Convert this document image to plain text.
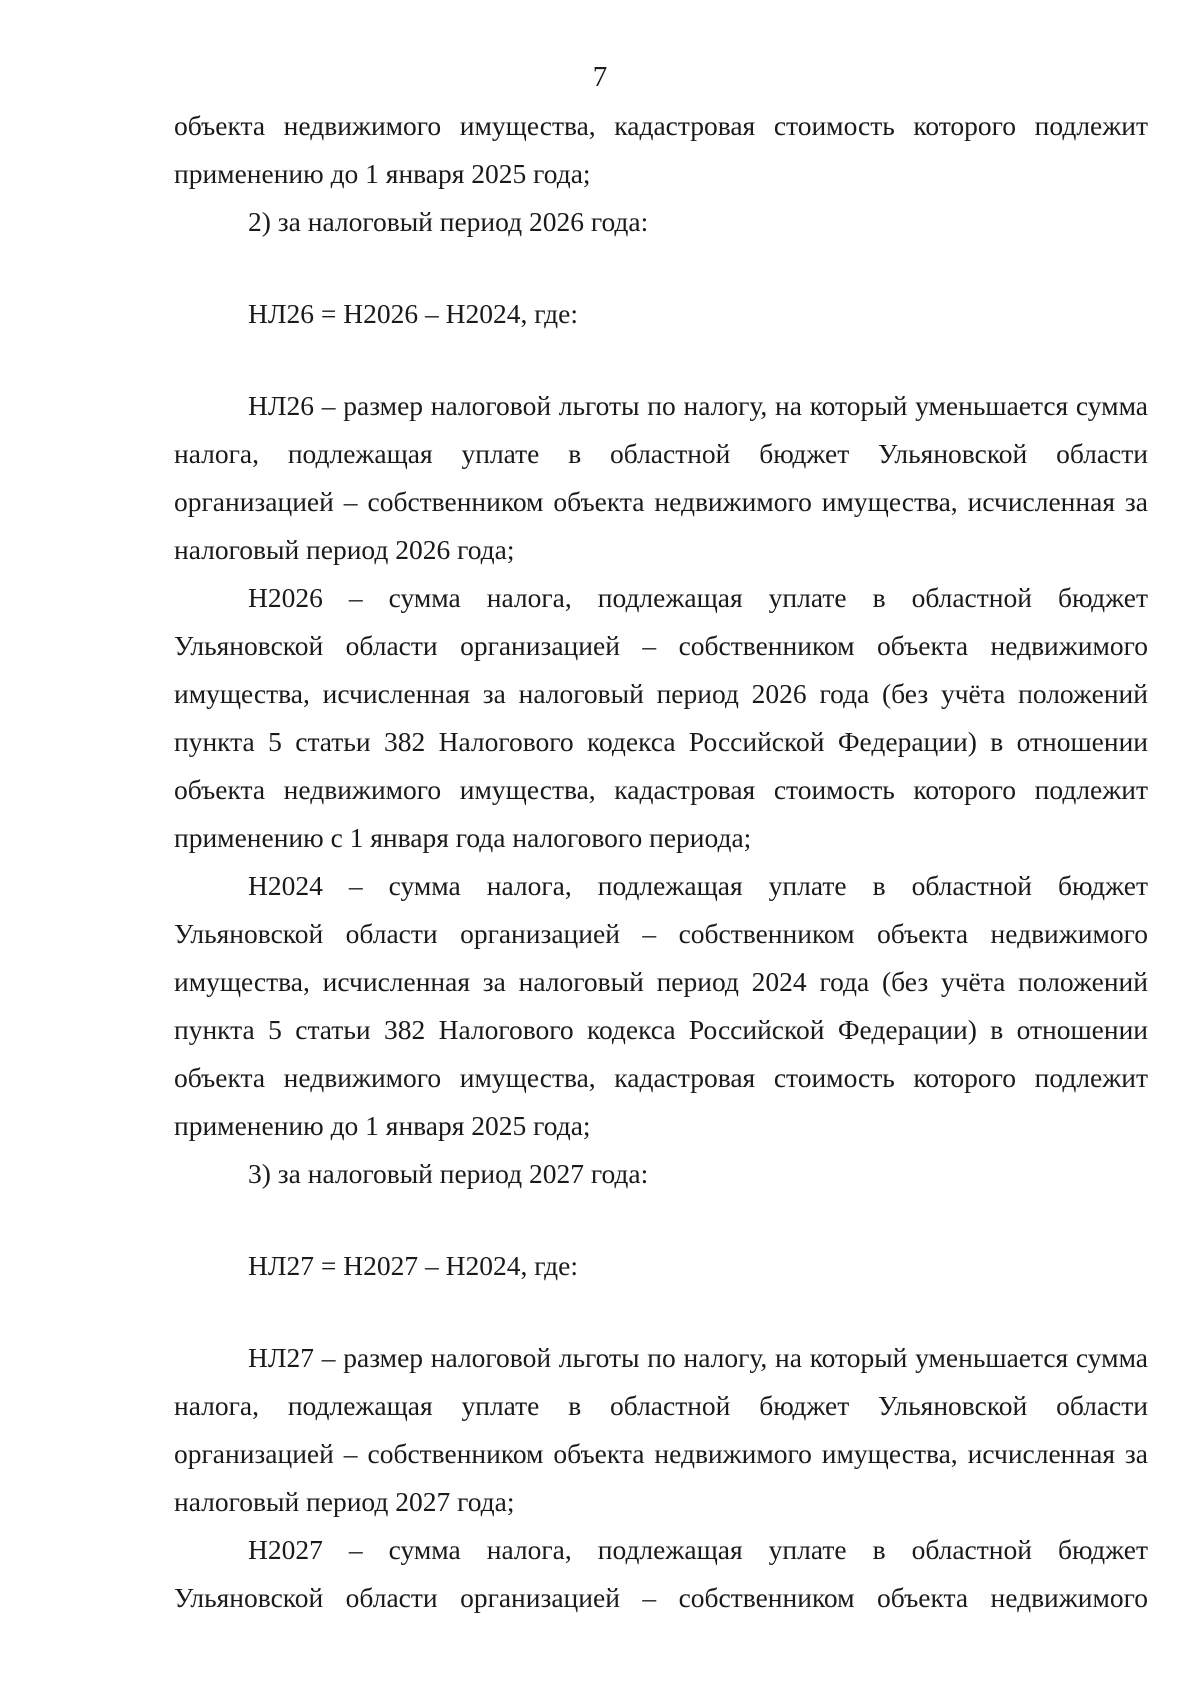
7

объекта недвижимого имущества, кадастровая стоимость которого подлежит применению до 1 января 2025 года;

2) за налоговый период 2026 года:

НЛ26 = Н2026 – Н2024, где:

НЛ26 – размер налоговой льготы по налогу, на который уменьшается сумма налога, подлежащая уплате в областной бюджет Ульяновской области организацией – собственником объекта недвижимого имущества, исчисленная за налоговый период 2026 года;

Н2026 – сумма налога, подлежащая уплате в областной бюджет Ульяновской области организацией – собственником объекта недвижимого имущества, исчисленная за налоговый период 2026 года (без учёта положений пункта 5 статьи 382 Налогового кодекса Российской Федерации) в отношении объекта недвижимого имущества, кадастровая стоимость которого подлежит применению с 1 января года налогового периода;

Н2024 – сумма налога, подлежащая уплате в областной бюджет Ульяновской области организацией – собственником объекта недвижимого имущества, исчисленная за налоговый период 2024 года (без учёта положений пункта 5 статьи 382 Налогового кодекса Российской Федерации) в отношении объекта недвижимого имущества, кадастровая стоимость которого подлежит применению до 1 января 2025 года;

3) за налоговый период 2027 года:

НЛ27 = Н2027 – Н2024, где:

НЛ27 – размер налоговой льготы по налогу, на который уменьшается сумма налога, подлежащая уплате в областной бюджет Ульяновской области организацией – собственником объекта недвижимого имущества, исчисленная за налоговый период 2027 года;

Н2027 – сумма налога, подлежащая уплате в областной бюджет Ульяновской области организацией – собственником объекта недвижимого
